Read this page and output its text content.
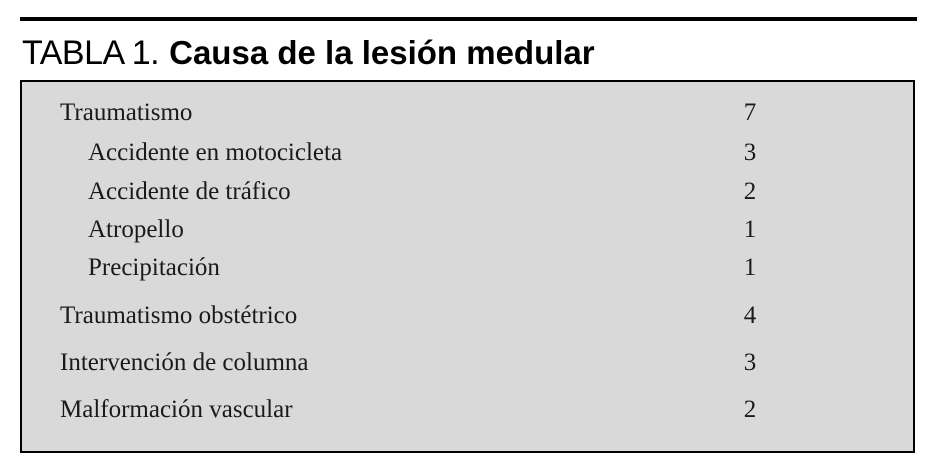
TABLA 1. Causa de la lesión medular
Traumatismo	7
Accidente en motocicleta	3
Accidente de tráfico	2
Atropello	1
Precipitación	1
Traumatismo obstétrico	4
Intervención de columna	3
Malformación vascular	2
